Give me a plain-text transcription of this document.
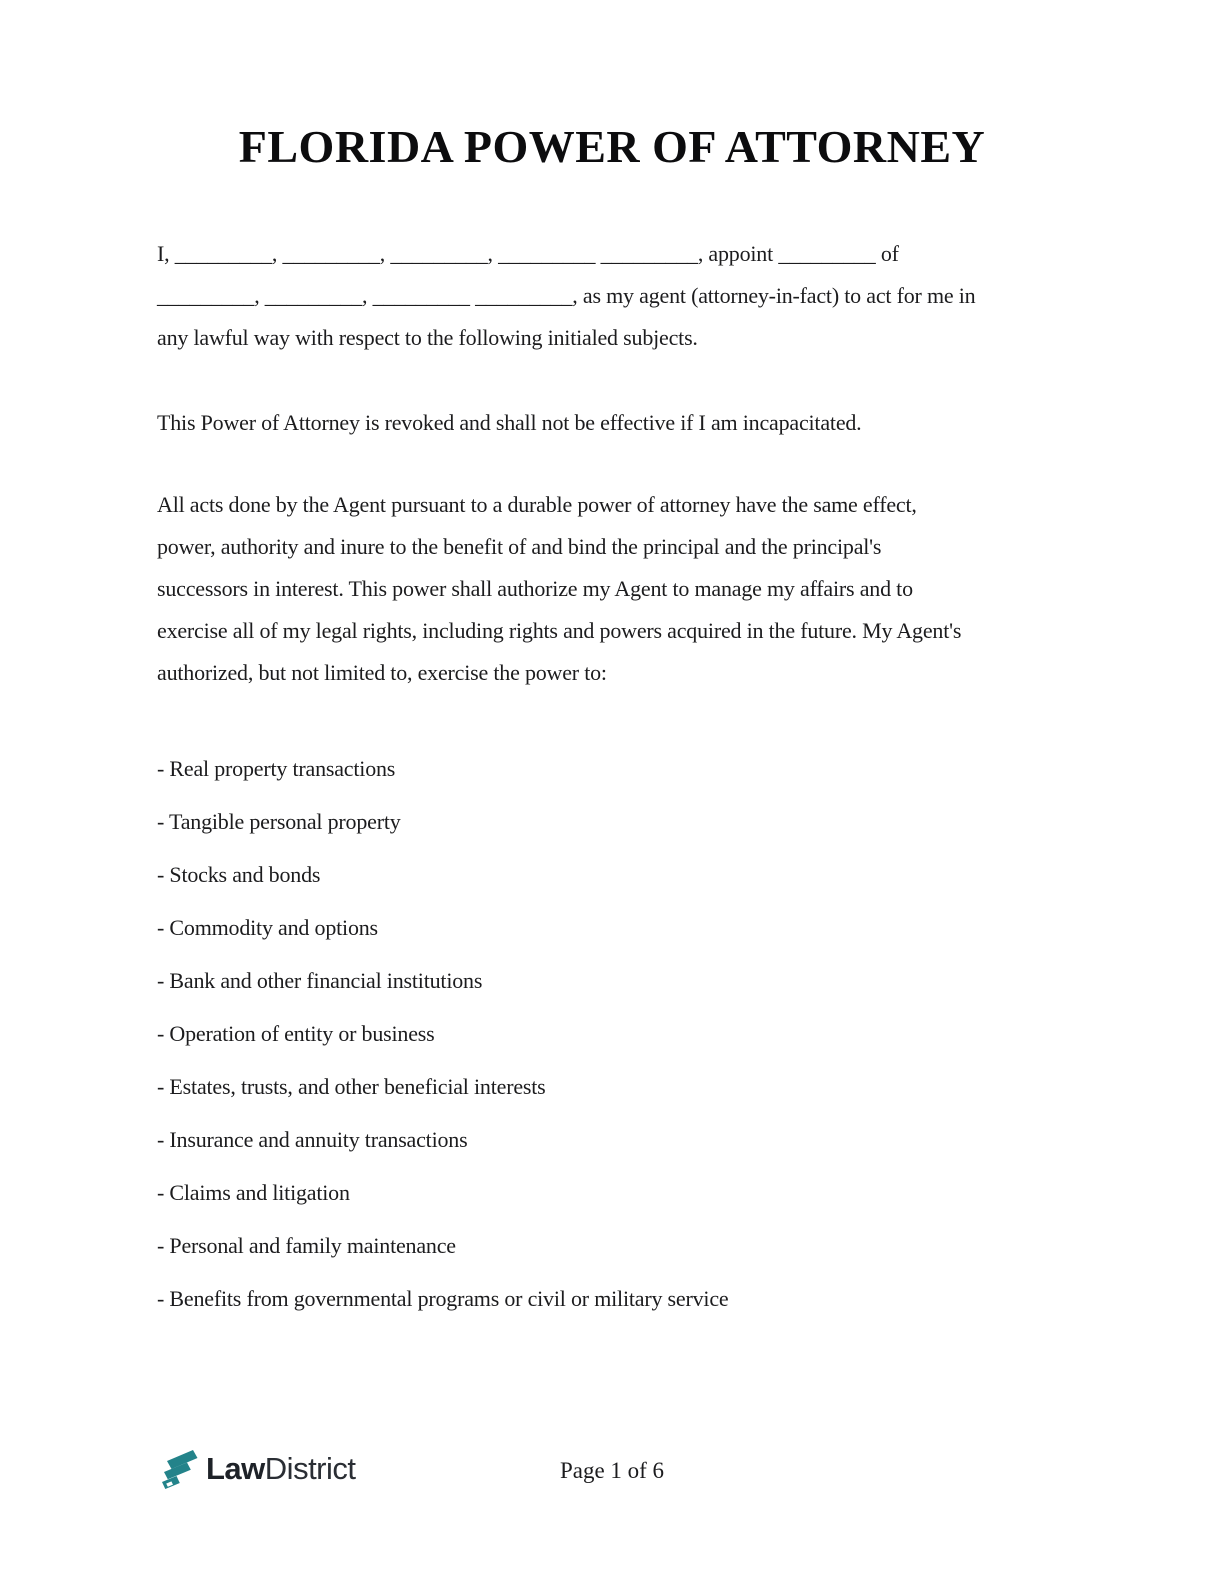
FLORIDA POWER OF ATTORNEY

I, _________, _________, _________, _________ _________, appoint _________ of
_________, _________, _________ _________, as my agent (attorney-in-fact) to act for me in
any lawful way with respect to the following initialed subjects.

This Power of Attorney is revoked and shall not be effective if I am incapacitated.

All acts done by the Agent pursuant to a durable power of attorney have the same effect,
power, authority and inure to the benefit of and bind the principal and the principal's
successors in interest. This power shall authorize my Agent to manage my affairs and to
exercise all of my legal rights, including rights and powers acquired in the future. My Agent's
authorized, but not limited to, exercise the power to:

- Real property transactions
- Tangible personal property
- Stocks and bonds
- Commodity and options
- Bank and other financial institutions
- Operation of entity or business
- Estates, trusts, and other beneficial interests
- Insurance and annuity transactions
- Claims and litigation
- Personal and family maintenance
- Benefits from governmental programs or civil or military service
LawDistrict	Page 1 of 6
